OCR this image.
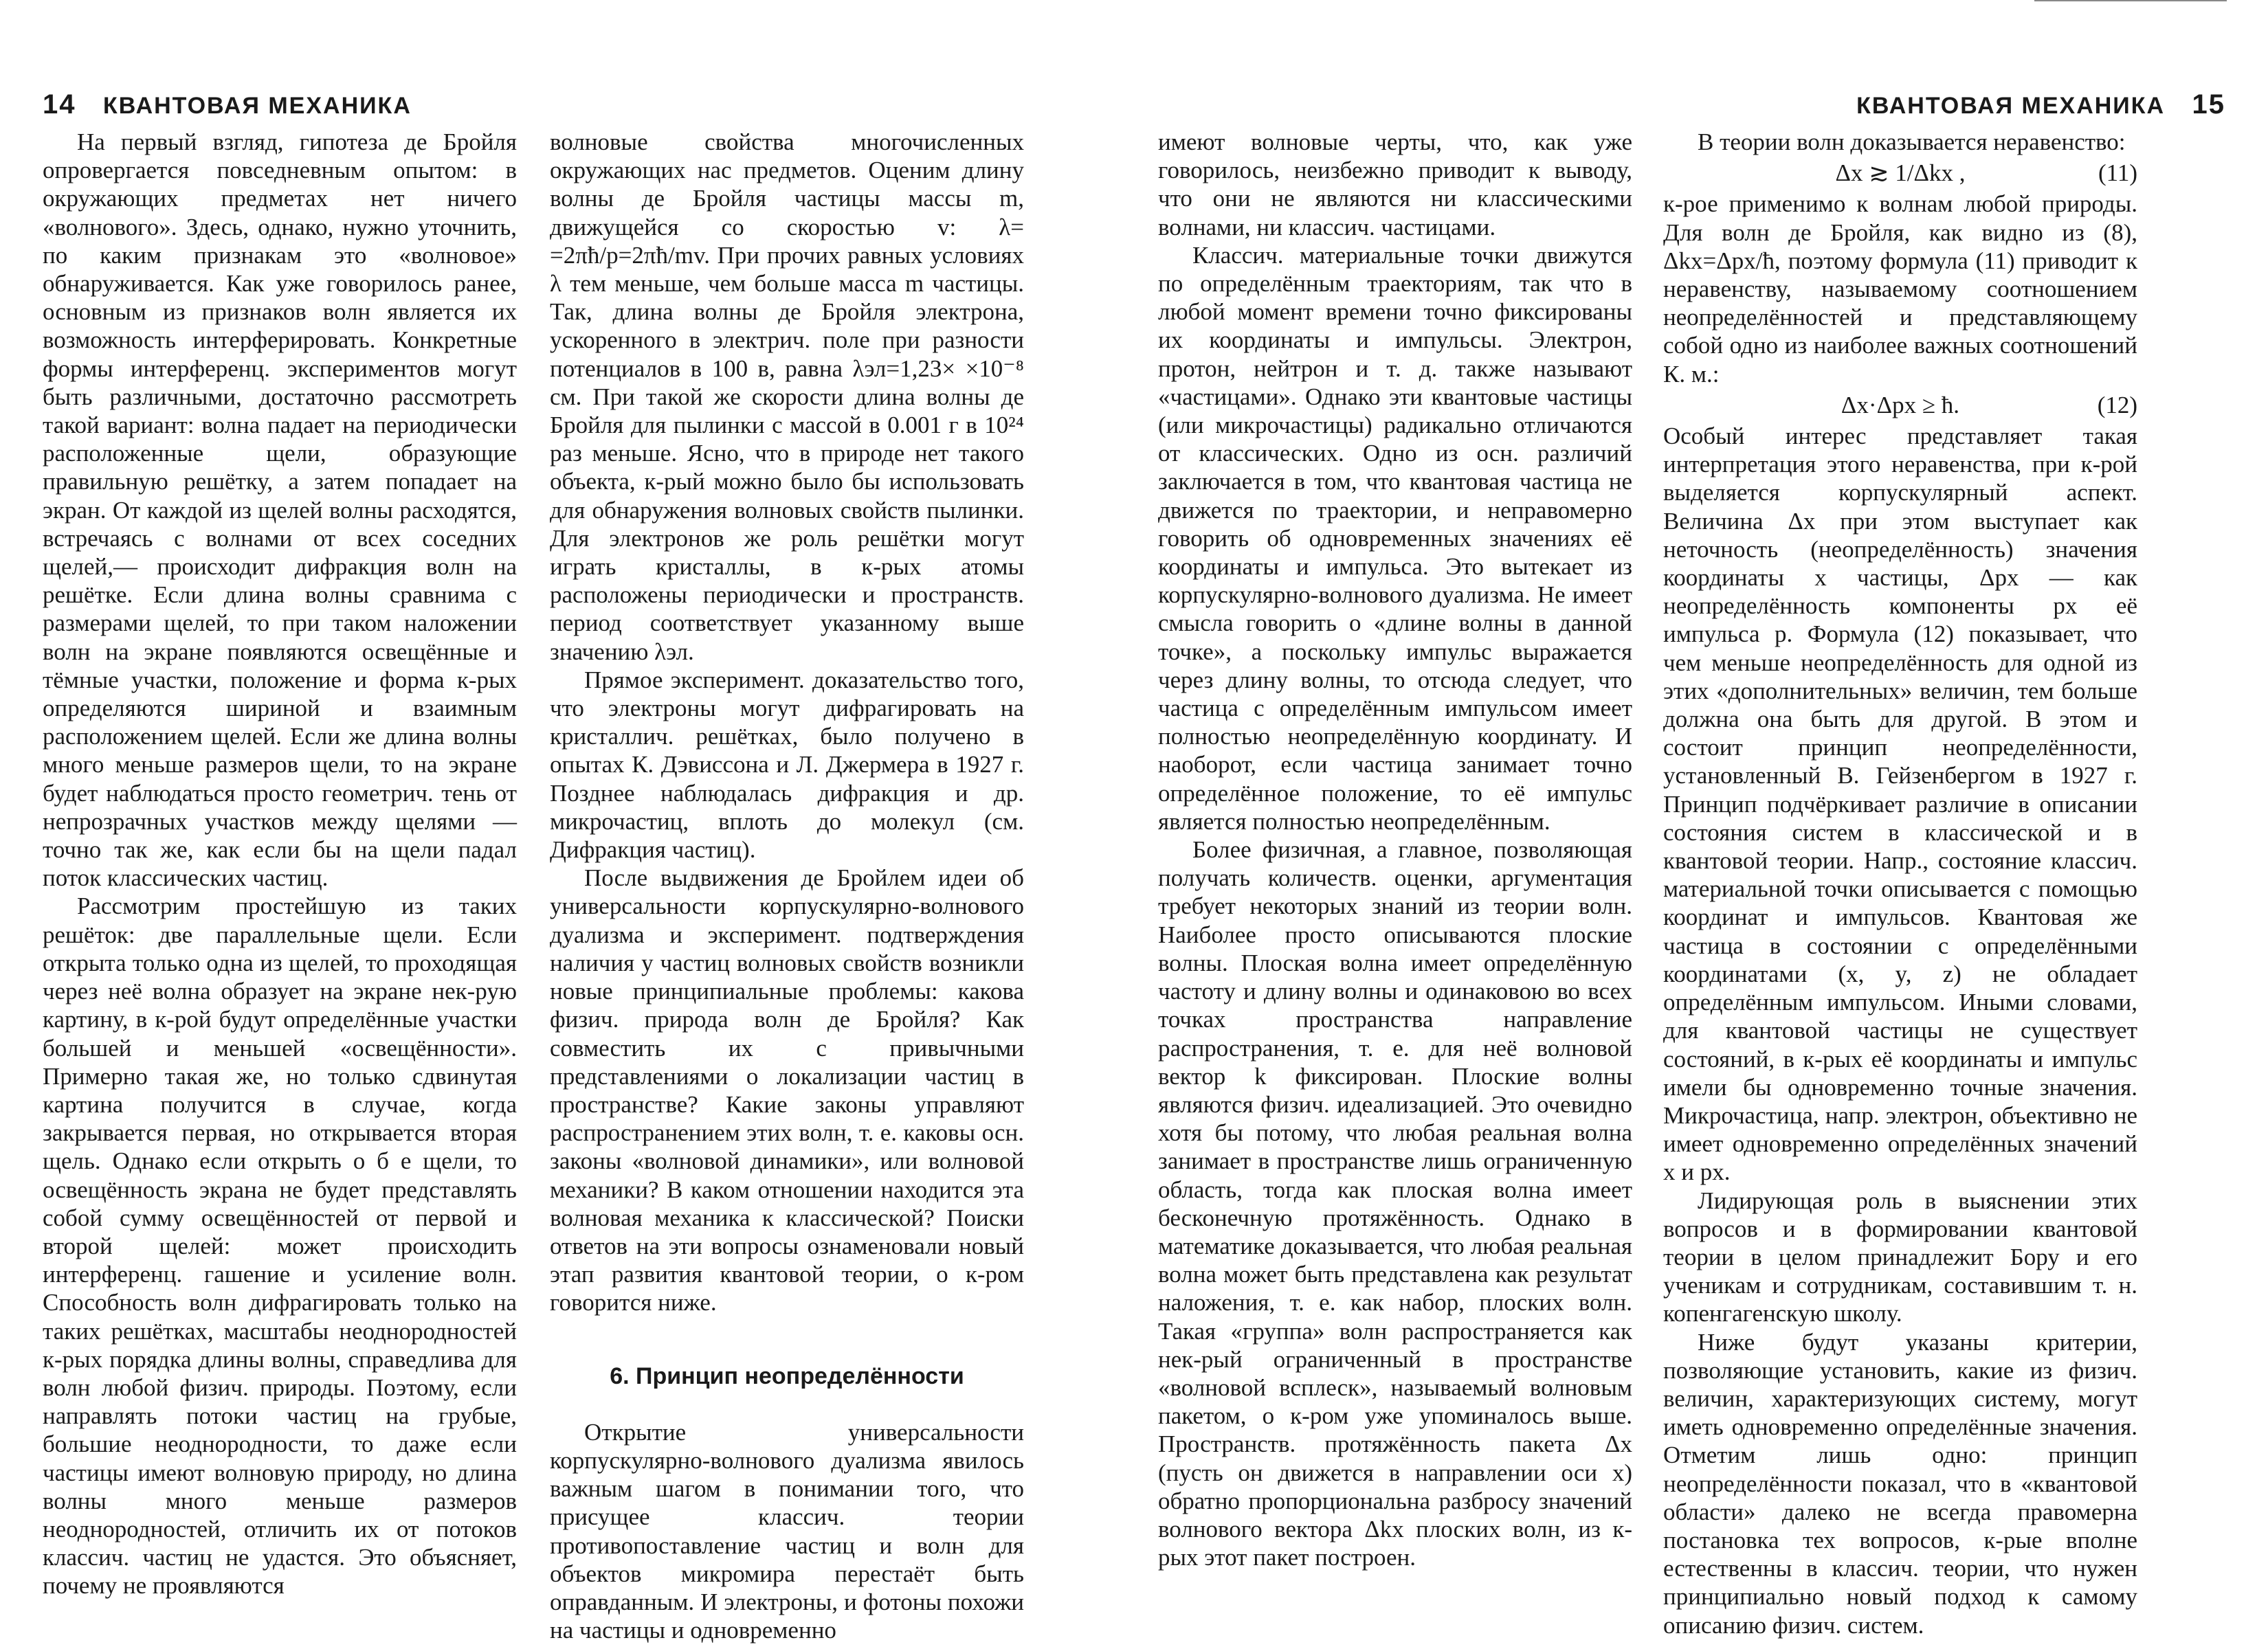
14 КВАНТОВАЯ МЕХАНИКА

На первый взгляд, гипотеза де Бройля опровергается повседневным опытом: в окружающих предметах нет ничего «волнового». Здесь, однако, нужно уточнить, по каким признакам это «волновое» обнаруживается. Как уже говорилось ранее, основным из признаков волн является их возможность интерферировать. Конкретные формы интерференц. экспериментов могут быть различными, достаточно рассмотреть такой вариант: волна падает на периодически расположенные щели, образующие правильную решётку, а затем попадает на экран. От каждой из щелей волны расходятся, встречаясь с волнами от всех соседних щелей,— происходит дифракция волн на решётке. Если длина волны сравнима с размерами щелей, то при таком наложении волн на экране появляются освещённые и тёмные участки, положение и форма к-рых определяются шириной и взаимным расположением щелей. Если же длина волны много меньше размеров щели, то на экране будет наблюдаться просто геометрич. тень от непрозрачных участков между щелями — точно так же, как если бы на щели падал поток классических частиц.

Рассмотрим простейшую из таких решёток: две параллельные щели. Если открыта только одна из щелей, то проходящая через неё волна образует на экране нек-рую картину, в к-рой будут определённые участки большей и меньшей «освещённости». Примерно такая же, но только сдвинутая картина получится в случае, когда закрывается первая, но открывается вторая щель. Однако если открыть о б е щели, то освещённость экрана не будет представлять собой сумму освещённостей от первой и второй щелей: может происходить интерференц. гашение и усиление волн. Способность волн дифрагировать только на таких решётках, масштабы неоднородностей к-рых порядка длины волны, справедлива для волн любой физич. природы. Поэтому, если направлять потоки частиц на грубые, большие неоднородности, то даже если частицы имеют волновую природу, но длина волны много меньше размеров неоднородностей, отличить их от потоков классич. частиц не удастся. Это объясняет, почему не проявляются

волновые свойства многочисленных окружающих нас предметов. Оценим длину волны де Бройля частицы массы m, движущейся со скоростью v: λ= =2πħ/p=2πħ/mv. При прочих равных условиях λ тем меньше, чем больше масса m частицы. Так, длина волны де Бройля электрона, ускоренного в электрич. поле при разности потенциалов в 100 в, равна λэл=1,23× ×10⁻⁸ см. При такой же скорости длина волны де Бройля для пылинки с массой в 0.001 г в 10²⁴ раз меньше. Ясно, что в природе нет такого объекта, к-рый можно было бы использовать для обнаружения волновых свойств пылинки. Для электронов же роль решётки могут играть кристаллы, в к-рых атомы расположены периодически и пространств. период соответствует указанному выше значению λэл.

Прямое эксперимент. доказательство того, что электроны могут дифрагировать на кристаллич. решётках, было получено в опытах К. Дэвиссона и Л. Джермера в 1927 г. Позднее наблюдалась дифракция и др. микрочастиц, вплоть до молекул (см. Дифракция частиц).

После выдвижения де Бройлем идеи об универсальности корпускулярно-волнового дуализма и эксперимент. подтверждения наличия у частиц волновых свойств возникли новые принципиальные проблемы: какова физич. природа волн де Бройля? Как совместить их с привычными представлениями о локализации частиц в пространстве? Какие законы управляют распространением этих волн, т. е. каковы осн. законы «волновой динамики», или волновой механики? В каком отношении находится эта волновая механика к классической? Поиски ответов на эти вопросы ознаменовали новый этап развития квантовой теории, о к-ром говорится ниже.

6. Принцип неопределённости

Открытие универсальности корпускулярно-волнового дуализма явилось важным шагом в понимании того, что присущее классич. теории противопоставление частиц и волн для объектов микромира перестаёт быть оправданным. И электроны, и фотоны похожи на частицы и одновременно

КВАНТОВАЯ МЕХАНИКА 15

имеют волновые черты, что, как уже говорилось, неизбежно приводит к выводу, что они не являются ни классическими волнами, ни классич. частицами.

Классич. материальные точки движутся по определённым траекториям, так что в любой момент времени точно фиксированы их координаты и импульсы. Электрон, протон, нейтрон и т. д. также называют «частицами». Однако эти квантовые частицы (или микрочастицы) радикально отличаются от классических. Одно из осн. различий заключается в том, что квантовая частица не движется по траектории, и неправомерно говорить об одновременных значениях её координаты и импульса. Это вытекает из корпускулярно-волнового дуализма. Не имеет смысла говорить о «длине волны в данной точке», а поскольку импульс выражается через длину волны, то отсюда следует, что частица с определённым импульсом имеет полностью неопределённую координату. И наоборот, если частица занимает точно определённое положение, то её импульс является полностью неопределённым.

Более физичная, а главное, позволяющая получать количеств. оценки, аргументация требует некоторых знаний из теории волн. Наиболее просто описываются плоские волны. Плоская волна имеет определённую частоту и длину волны и одинаковою во всех точках пространства направление распространения, т. е. для неё волновой вектор k фиксирован. Плоские волны являются физич. идеализацией. Это очевидно хотя бы потому, что любая реальная волна занимает в пространстве лишь ограниченную область, тогда как плоская волна имеет бесконечную протяжённость. Однако в математике доказывается, что любая реальная волна может быть представлена как результат наложения, т. е. как набор, плоских волн. Такая «группа» волн распространяется как нек-рый ограниченный в пространстве «волновой всплеск», называемый волновым пакетом, о к-ром уже упоминалось выше. Пространств. протяжённость пакета Δx (пусть он движется в направлении оси x) обратно пропорциональна разбросу значений волнового вектора Δkx плоских волн, из к-рых этот пакет построен.

В теории волн доказывается неравенство:

Δx ≳ 1/Δkx ,	(11)

к-рое применимо к волнам любой природы. Для волн де Бройля, как видно из (8), Δkx=Δpx/ħ, поэтому формула (11) приводит к неравенству, называемому соотношением неопределённостей и представляющему собой одно из наиболее важных соотношений К. м.:

Δx·Δpx ≥ ħ.	(12)

Особый интерес представляет такая интерпретация этого неравенства, при к-рой выделяется корпускулярный аспект. Величина Δx при этом выступает как неточность (неопределённость) значения координаты x частицы, Δpx — как неопределённость компоненты px её импульса p. Формула (12) показывает, что чем меньше неопределённость для одной из этих «дополнительных» величин, тем больше должна она быть для другой. В этом и состоит принцип неопределённости, установленный В. Гейзенбергом в 1927 г. Принцип подчёркивает различие в описании состояния систем в классической и в квантовой теории. Напр., состояние классич. материальной точки описывается с помощью координат и импульсов. Квантовая же частица в состоянии с определёнными координатами (x, y, z) не обладает определённым импульсом. Иными словами, для квантовой частицы не существует состояний, в к-рых её координаты и импульс имели бы одновременно точные значения. Микрочастица, напр. электрон, объективно не имеет одновременно определённых значений x и px.

Лидирующая роль в выяснении этих вопросов и в формировании квантовой теории в целом принадлежит Бору и его ученикам и сотрудникам, составившим т. н. копенгагенскую школу.

Ниже будут указаны критерии, позволяющие установить, какие из физич. величин, характеризующих систему, могут иметь одновременно определённые значения. Отметим лишь одно: принцип неопределённости показал, что в «квантовой области» далеко не всегда правомерна постановка тех вопросов, к-рые вполне естественны в классич. теории, что нужен принципиально новый подход к самому описанию физич. систем.
